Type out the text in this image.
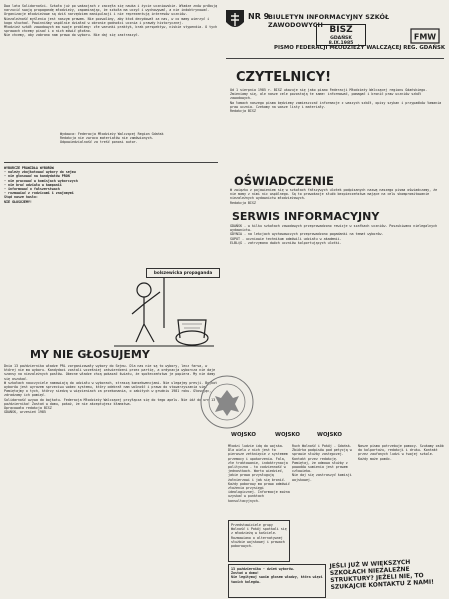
Dwa lata Solidarności. Szkoła już po wakacjach z zaczęła się nauka i życie uczniowskie. Władze znów próbują narzucić swoją propagandę młodzieży, zapominając, że szkoła ma uczyć i wychowywać, a nie indoktrynować. Organizacje młodzieżowe są dziś narzędziem manipulacji i nie reprezentują interesów uczniów.
Niezależność myślenia jest naszym prawem. Nie pozwolimy, aby ktoś decydował za nas, w co mamy wierzyć i kogo słuchać. Powinniśmy wspólnie działać w obronie godności ucznia i prawdy historycznej.
Młodzież szkół zawodowych ma swoje problemy: złe warunki praktyk, brak perspektyw, niskie stypendia. O tych sprawach chcemy pisać i o nich mówić głośno.
Nie chcemy, aby zabrano nam prawo do wyboru. Nie daj się zastraszyć.
Wydawca: Federacja Młodzieży Walczącej Region Gdańsk
Redakcja nie zwraca materiałów nie zamówionych.
Odpowiedzialność za treść ponosi autor.
WYBORCZE PRAWIDŁA WYBORÓW
- należy zbojkotować wybory do sejmu
- nie głosować na kandydatów PRON
- nie pracować w komisjach wyborczych
- nie brać udziału w kampanii
- informować o fałszerstwach
- rozmawiać z rodzicami i znajomymi
Stąd nasze hasło:
NIE GŁOSUJEMY!
bolszewicka propaganda
MY NIE GŁOSUJEMY
Dnia 13 października władze PRL zorganizowały wybory do Sejmu. Dla nas nie są to wybory, lecz farsa, w której nie ma wyboru. Kandydaci zostali wcześniej zatwierdzeni przez partię, a ordynacja wyborcza nie daje szansy na niezależnych posłów. Obecne władze chcą pokazać światu, że społeczeństwo je popiera. My nie damy się oszukać.
W szkołach nauczyciele namawiają do udziału w wyborach, straszą konsekwencjami. Nie ulegajmy presji. Bojkot wyborów jest wyrazem sprzeciwu wobec systemu, który odebrał nam wolność i prawo do stowarzyszania się.
Pamiętajmy o tych, którzy siedzą w więzieniach za przekonania, o zabitych w grudniu 1981 roku. Głosując, zdradzamy ich pamięć.
Solidarność wzywa do bojkotu. Federacja Młodzieży Walczącej przyłącza się do tego apelu. Nie idź do urn 13 października! Zostań w domu, pokaż, że nie akceptujesz kłamstwa.
Opracowała redakcja BISZ
GDAŃSK, wrzesień 1985
NR 9
BIULETYN INFORMACYJNY SZKÓŁ ZAWODOWYCH BISZ
GDAŃSK 8.IX.1985
FMW
PISMO FEDERACJI MŁODZIEŻY WALCZĄCEJ REG. GDAŃSK
CZYTELNICY!
Od 1 sierpnia 1985 r. BISZ ukazuje się jako pismo Federacji Młodzieży Walczącej regionu Gdańskiego. Zmieniamy się, ale nasze cele pozostają te same: informować, pomagać i bronić praw uczniów szkół zawodowych.
Na łamach naszego pisma będziemy zamieszczać informacje z waszych szkół, opisy szykan i przypadków łamania praw ucznia. Czekamy na wasze listy i materiały.
Redakcja BISZ
OŚWIADCZENIE
W związku z pojawieniem się w szkołach fałszywych ulotek podpisanych nazwą naszego pisma oświadczamy, że nie mamy z nimi nic wspólnego. Są to prowokacje służb bezpieczeństwa mające na celu skompromitowanie niezależnych wydawnictw młodzieżowych.
Redakcja BISZ
SERWIS INFORMACYJNY
GDAŃSK - w kilku szkołach zawodowych przeprowadzono rewizje w szafkach uczniów. Poszukiwano nielegalnych wydawnictw.
GDYNIA - na lekcjach wychowawczych przeprowadzono pogadanki na temat wyborów.
SOPOT - uczniowie technikum odmówili udziału w akademii.
ELBLĄG - zatrzymano dwóch uczniów kolportujących ulotki.
WOJSKO	WOJSKO	WOJSKO
Młodzi ludzie idą do wojska. Dla wielu z nich jest to pierwsze zetknięcie z systemem przemocy i upokorzenia. Fala, złe traktowanie, indoktrynacja polityczna - to codzienność w jednostkach. Warto wiedzieć, jakie prawa przysługują żołnierzowi i jak się bronić.
Każdy poborowy ma prawo odmówić złożenia przysięgi ideologicznej. Informacje można uzyskać w punktach konsultacyjnych.
Ruch Wolność i Pokój - Gdańsk. Zbiórka podpisów pod petycją w sprawie służby zastępczej. Kontakt przez redakcję.
Pamiętaj, że odmowa służby z powodów sumienia jest prawem człowieka.
Nie daj się zastraszyć komisji wojskowej.
Nasze pismo potrzebuje pomocy. Szukamy osób do kolportażu, redakcji i druku. Kontakt przez zaufanych ludzi w twojej szkole.
Każdy może pomóc.
Przedstawiciele grupy Wolność i Pokój spotkali się z młodzieżą w kościele. Rozmawiano o alternatywnej służbie wojskowej i prawach poborowych.
13 października - dzień wyborów.
Zostań w domu!
Nie legitymuj swoim głosem władzy, która więzi twoich kolegów.
JEŚLI JUŻ W WIĘKSZYCH SZKOŁACH NIEZALEŻNE STRUKTURY? JEŻELI NIE, TO SZUKAJCIE KONTAKTU Z NAMI!
